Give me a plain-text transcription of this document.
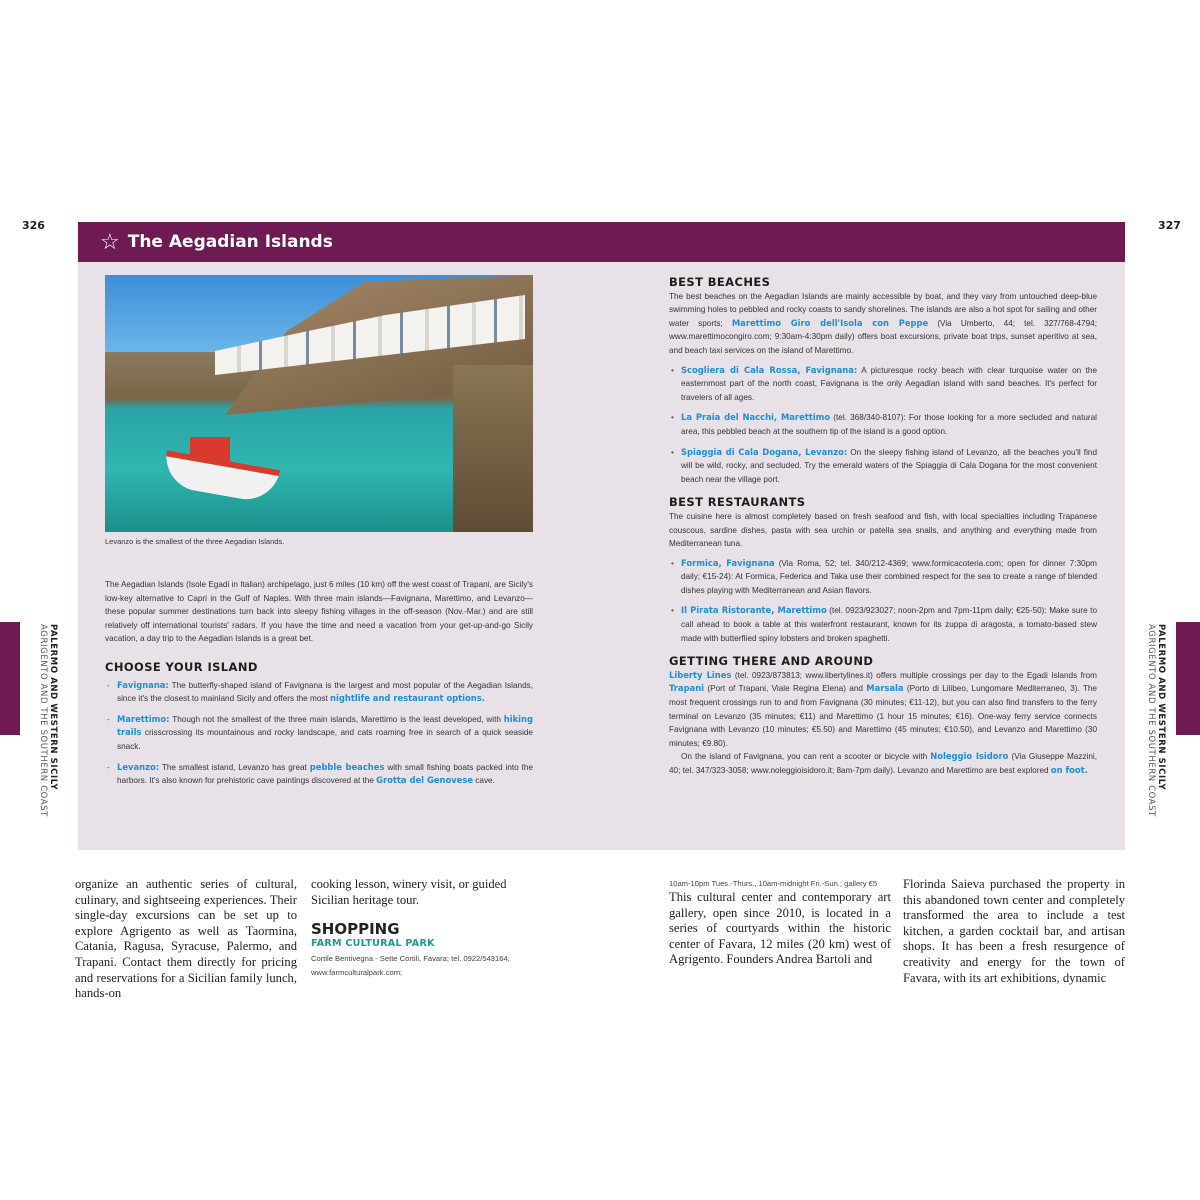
326	327
☆ The Aegadian Islands
Levanzo is the smallest of the three Aegadian Islands.

The Aegadian Islands (Isole Egadi in Italian) archipelago, just 6 miles (10 km) off the west coast of Trapani, are Sicily's low-key alternative to Capri in the Gulf of Naples. With three main islands—Favignana, Marettimo, and Levanzo—these popular summer destinations turn back into sleepy fishing villages in the off-season (Nov.-Mar.) and are still relatively off international tourists' radars. If you have the time and need a vacation from your get-up-and-go Sicily vacation, a day trip to the Aegadian Islands is a great bet.

CHOOSE YOUR ISLAND
- Favignana: The butterfly-shaped island of Favignana is the largest and most popular of the Aegadian Islands, since it's the closest to mainland Sicily and offers the most nightlife and restaurant options.
- Marettimo: Though not the smallest of the three main islands, Marettimo is the least developed, with hiking trails crisscrossing its mountainous and rocky landscape, and cats roaming free in search of a quick seaside snack.
- Levanzo: The smallest island, Levanzo has great pebble beaches with small fishing boats packed into the harbors. It's also known for prehistoric cave paintings discovered at the Grotta del Genovese cave.
BEST BEACHES

The best beaches on the Aegadian Islands are mainly accessible by boat, and they vary from untouched deep-blue swimming holes to pebbled and rocky coasts to sandy shorelines. The islands are also a hot spot for sailing and other water sports; Marettimo Giro dell'Isola con Peppe (Via Umberto, 44; tel. 327/768-4794; www.marettimocongiro.com; 9:30am-4:30pm daily) offers boat excursions, private boat trips, sunset aperitivo at sea, and beach taxi services on the island of Marettimo.

• Scogliera di Cala Rossa, Favignana: A picturesque rocky beach with clear turquoise water on the easternmost part of the north coast, Favignana is the only Aegadian island with sand beaches. It's perfect for travelers of all ages.
• La Praia del Nacchi, Marettimo (tel. 368/340-8107): For those looking for a more secluded and natural area, this pebbled beach at the southern tip of the island is a good option.
• Spiaggia di Cala Dogana, Levanzo: On the sleepy fishing island of Levanzo, all the beaches you'll find will be wild, rocky, and secluded. Try the emerald waters of the Spiaggia di Cala Dogana for the most convenient beach near the village port.
BEST RESTAURANTS

The cuisine here is almost completely based on fresh seafood and fish, with local specialties including Trapanese couscous, sardine dishes, pasta with sea urchin or patella sea snails, and anything and everything made from Mediterranean tuna.

• Formica, Favignana (Via Roma, 52; tel. 340/212-4369; www.formicacoteria.com; open for dinner 7:30pm daily; €15-24): At Formica, Federica and Taka use their combined respect for the sea to create a range of blended dishes playing with Mediterranean and Asian flavors.
• Il Pirata Ristorante, Marettimo (tel. 0923/923027; noon-2pm and 7pm-11pm daily; €25-50): Make sure to call ahead to book a table at this waterfront restaurant, known for its zuppa di aragosta, a tomato-based stew made with butterflied spiny lobsters and broken spaghetti.
GETTING THERE AND AROUND

Liberty Lines (tel. 0923/873813; www.libertylines.it) offers multiple crossings per day to the Egadi Islands from Trapani (Port of Trapani, Viale Regina Elena) and Marsala (Porto di Lilibeo, Lungomare Mediterraneo, 3). The most frequent crossings run to and from Favignana (30 minutes; €11-12), but you can also find transfers to the ferry terminal on Levanzo (35 minutes; €11) and Marettimo (1 hour 15 minutes; €16). One-way ferry service connects Favignana with Levanzo (10 minutes; €5.50) and Marettimo (45 minutes; €10.50), and Levanzo and Marettimo (30 minutes; €9.80).

On the island of Favignana, you can rent a scooter or bicycle with Noleggio Isidoro (Via Giuseppe Mazzini, 40; tel. 347/323-3058; www.noleggioisidoro.it; 8am-7pm daily). Levanzo and Marettimo are best explored on foot.

PALERMO AND WESTERN SICILY
AGRIGENTO AND THE SOUTHERN COAST	PALERMO AND WESTERN SICILY
AGRIGENTO AND THE SOUTHERN COAST
organize an authentic series of cultural, culinary, and sightseeing experiences. Their single-day excursions can be set up to explore Agrigento as well as Taormina, Catania, Ragusa, Syracuse, Palermo, and Trapani. Contact them directly for pricing and reservations for a Sicilian family lunch, hands-on
cooking lesson, winery visit, or guided Sicilian heritage tour.
SHOPPING
FARM CULTURAL PARK
Cortile Bentivegna - Sette Cortili, Favara; tel. 0922/543164; www.farmculturalpark.com;
10am-10pm Tues.-Thurs., 10am-midnight Fri.-Sun.; gallery €5
This cultural center and contemporary art gallery, open since 2010, is located in a series of courtyards within the historic center of Favara, 12 miles (20 km) west of Agrigento. Founders Andrea Bartoli and
Florinda Saieva purchased the property in this abandoned town center and completely transformed the area to include a test kitchen, a garden cocktail bar, and artisan shops. It has been a fresh resurgence of creativity and energy for the town of Favara, with its art exhibitions, dynamic
